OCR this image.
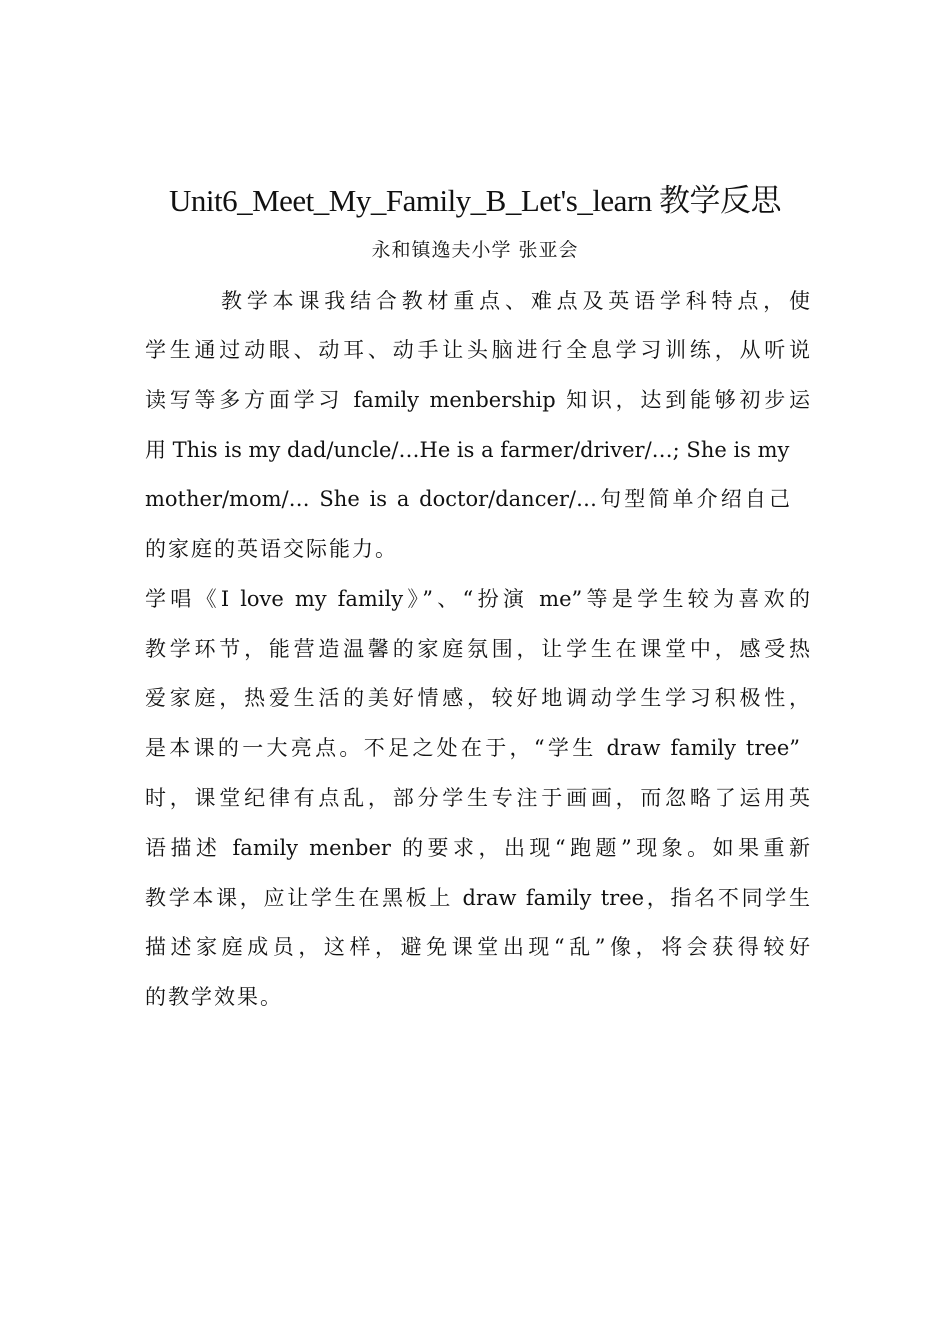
Unit6_Meet_My_Family_B_Let's_learn 教学反思
永和镇逸夫小学 张亚会
教学本课我结合教材重点、难点及英语学科特点，使
学生通过动眼、动耳、动手让头脑进行全息学习训练，从听说
读写等多方面学习 family menbership 知识，达到能够初步运
用 This is my dad/uncle/…He is a farmer/driver/…; She is my
mother/mom/… She is a doctor/dancer/…句型简单介绍自己
的家庭的英语交际能力。
学唱《I love my family》”、“扮演 me”等是学生较为喜欢的
教学环节，能营造温馨的家庭氛围，让学生在课堂中，感受热
爱家庭，热爱生活的美好情感，较好地调动学生学习积极性，
是本课的一大亮点。不足之处在于，“学生 draw family tree”
时，课堂纪律有点乱，部分学生专注于画画，而忽略了运用英
语描述 family menber 的要求，出现“跑题”现象。如果重新
教学本课，应让学生在黑板上 draw family tree，指名不同学生
描述家庭成员，这样，避免课堂出现“乱”像，将会获得较好
的教学效果。
